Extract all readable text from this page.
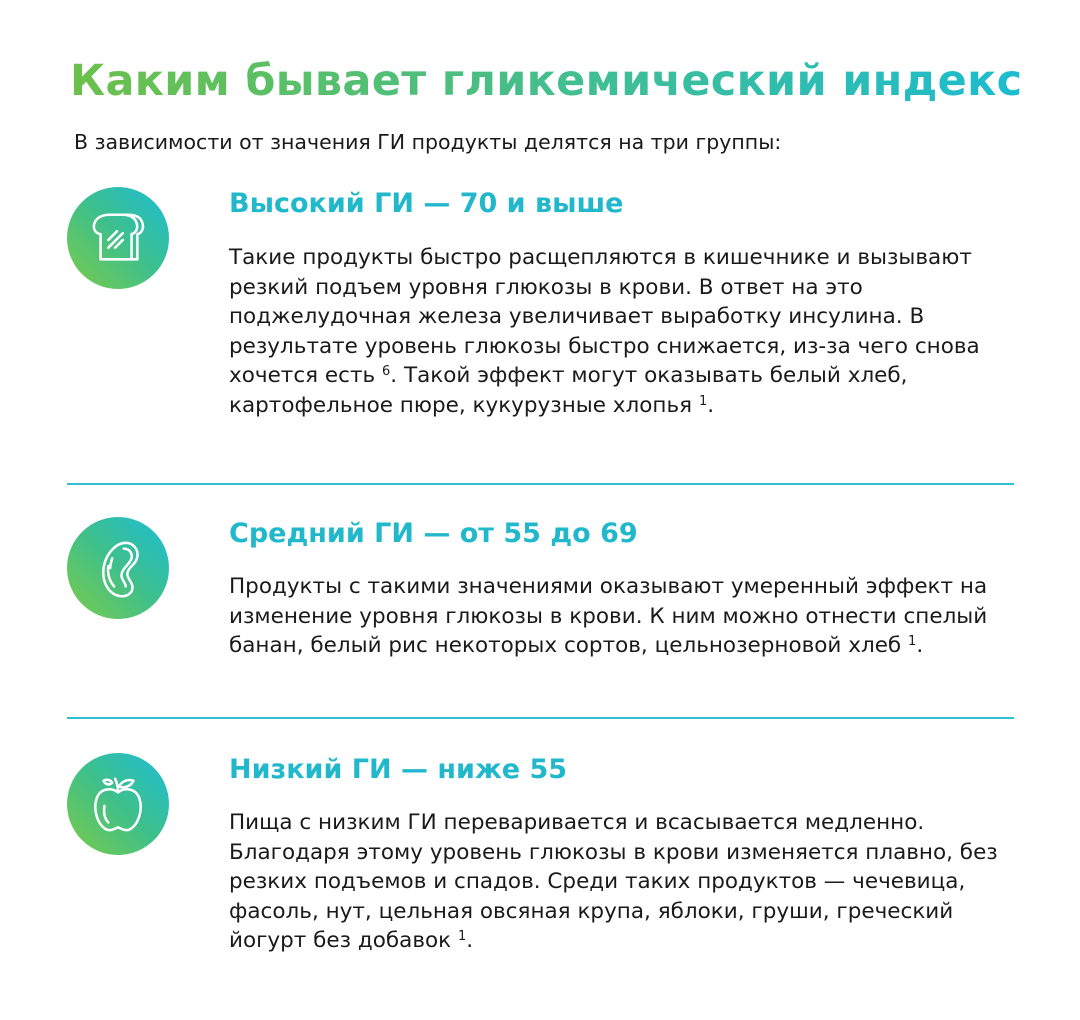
Каким бывает гликемический индекс

В зависимости от значения ГИ продукты делятся на три группы:

Высокий ГИ — 70 и выше

Такие продукты быстро расщепляются в кишечнике и вызывают резкий подъем уровня глюкозы в крови. В ответ на это поджелудочная железа увеличивает выработку инсулина. В результате уровень глюкозы быстро снижается, из-за чего снова хочется есть $^6$. Такой эффект могут оказывать белый хлеб, картофельное пюре, кукурузные хлопья $^1$.

Средний ГИ — от 55 до 69

Продукты с такими значениями оказывают умеренный эффект на изменение уровня глюкозы в крови. К ним можно отнести спелый банан, белый рис некоторых сортов, цельнозерновой хлеб $^1$.

Низкий ГИ — ниже 55

Пища с низким ГИ переваривается и всасывается медленно. Благодаря этому уровень глюкозы в крови изменяется плавно, без резких подъемов и спадов. Среди таких продуктов — чечевица, фасоль, нут, цельная овсяная крупа, яблоки, груши, греческий йогурт без добавок $^1$.
